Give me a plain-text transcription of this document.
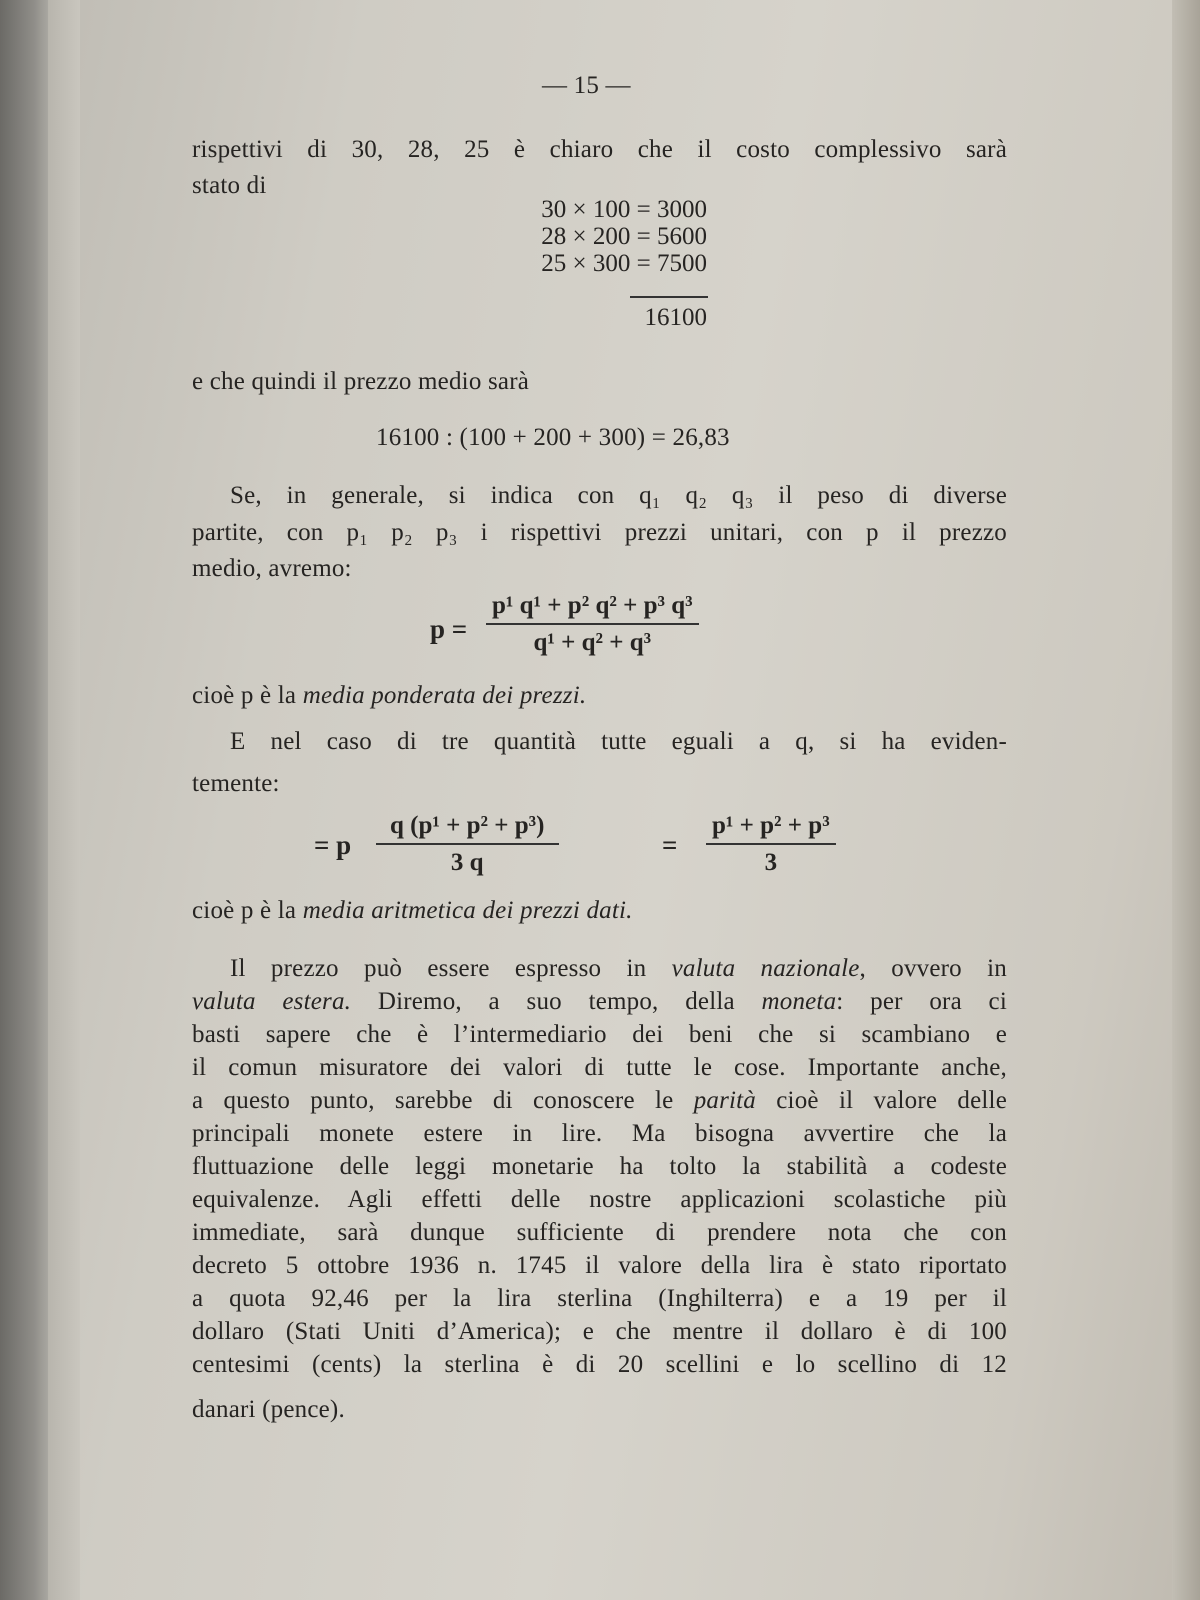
— 15 —
rispettivi di 30, 28, 25 è chiaro che il costo complessivo sarà
stato di
30 × 100 = 3000
28 × 200 = 5600
25 × 300 = 7500
16100
e che quindi il prezzo medio sarà
16100 : (100 + 200 + 300) = 26,83
Se, in generale, si indica con q₁ q₂ q₃ il peso di diverse
partite, con p₁ p₂ p₃ i rispettivi prezzi unitari, con p il prezzo
medio, avremo:
$p = \frac{\text{p¹ q¹ + p² q² + p³ q³}}{\text{q¹ + q² + q³}}$
cioè p è la media ponderata dei prezzi.
E nel caso di tre quantità tutte eguali a q, si ha eviden-
temente:
= p $\frac{\text{q (p¹ + p² + p³)}}{3 q}$	= $\frac{\text{p¹ + p² + p³}}{3}$
cioè p è la media aritmetica dei prezzi dati.
Il prezzo può essere espresso in valuta nazionale, ovvero in
valuta estera. Diremo, a suo tempo, della moneta: per ora ci
basti sapere che è l’intermediario dei beni che si scambiano e
il comun misuratore dei valori di tutte le cose. Importante anche,
a questo punto, sarebbe di conoscere le parità cioè il valore delle
principali monete estere in lire. Ma bisogna avvertire che la
fluttuazione delle leggi monetarie ha tolto la stabilità a codeste
equivalenze. Agli effetti delle nostre applicazioni scolastiche più
immediate, sarà dunque sufficiente di prendere nota che con
decreto 5 ottobre 1936 n. 1745 il valore della lira è stato riportato
a quota 92,46 per la lira sterlina (Inghilterra) e a 19 per il
dollaro (Stati Uniti d’America); e che mentre il dollaro è di 100
centesimi (cents) la sterlina è di 20 scellini e lo scellino di 12
danari (pence).
